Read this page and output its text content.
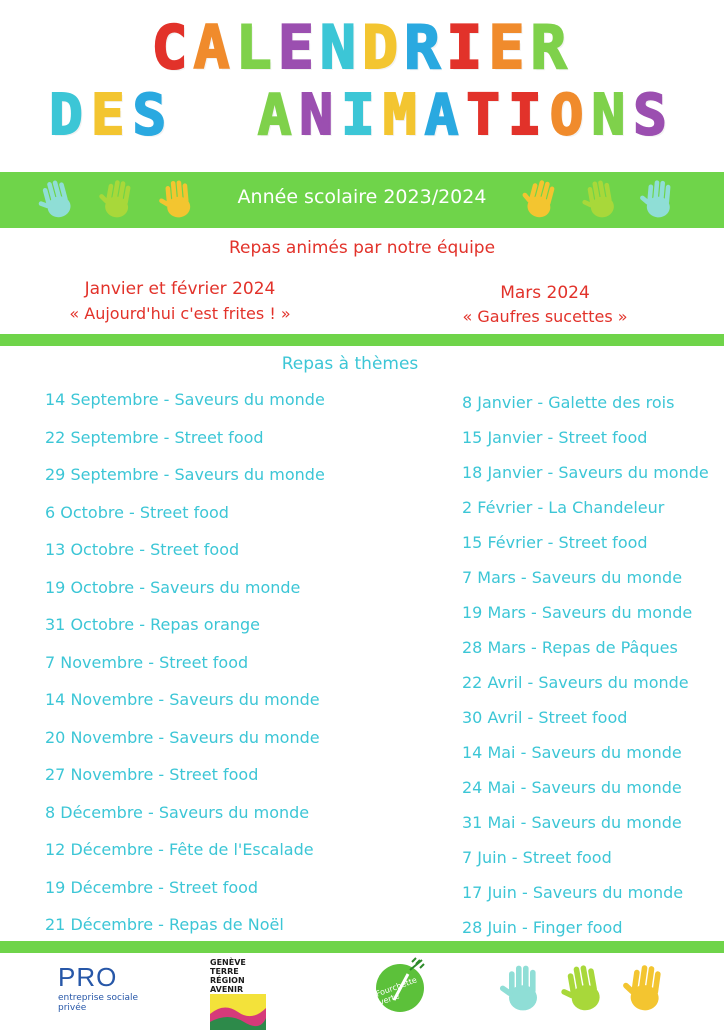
CALENDRIER
DES ANIMATIONS
Année scolaire 2023/2024
Repas animés par notre équipe
Janvier et février 2024
« Aujourd'hui c'est frites ! »
Mars 2024
« Gaufres sucettes »
Repas à thèmes
14 Septembre - Saveurs du monde
22 Septembre - Street food
29 Septembre - Saveurs du monde
6 Octobre - Street food
13 Octobre - Street food
19 Octobre - Saveurs du monde
31 Octobre - Repas orange
7 Novembre - Street food
14 Novembre - Saveurs du monde
20 Novembre - Saveurs du monde
27 Novembre - Street food
8 Décembre - Saveurs du monde
12 Décembre - Fête de l'Escalade
19 Décembre - Street food
21 Décembre - Repas de Noël
8 Janvier - Galette des rois
15 Janvier - Street food
18 Janvier - Saveurs du monde
2 Février - La Chandeleur
15 Février - Street food
7 Mars - Saveurs du monde
19 Mars - Saveurs du monde
28 Mars - Repas de Pâques
22 Avril - Saveurs du monde
30 Avril - Street food
14 Mai - Saveurs du monde
24 Mai - Saveurs du monde
31 Mai - Saveurs du monde
7 Juin - Street food
17 Juin - Saveurs du monde
28 Juin - Finger food
PRO
entreprise sociale
privée
GENÈVE TERRE
RÉGION AVENIR	Fourchette verte
